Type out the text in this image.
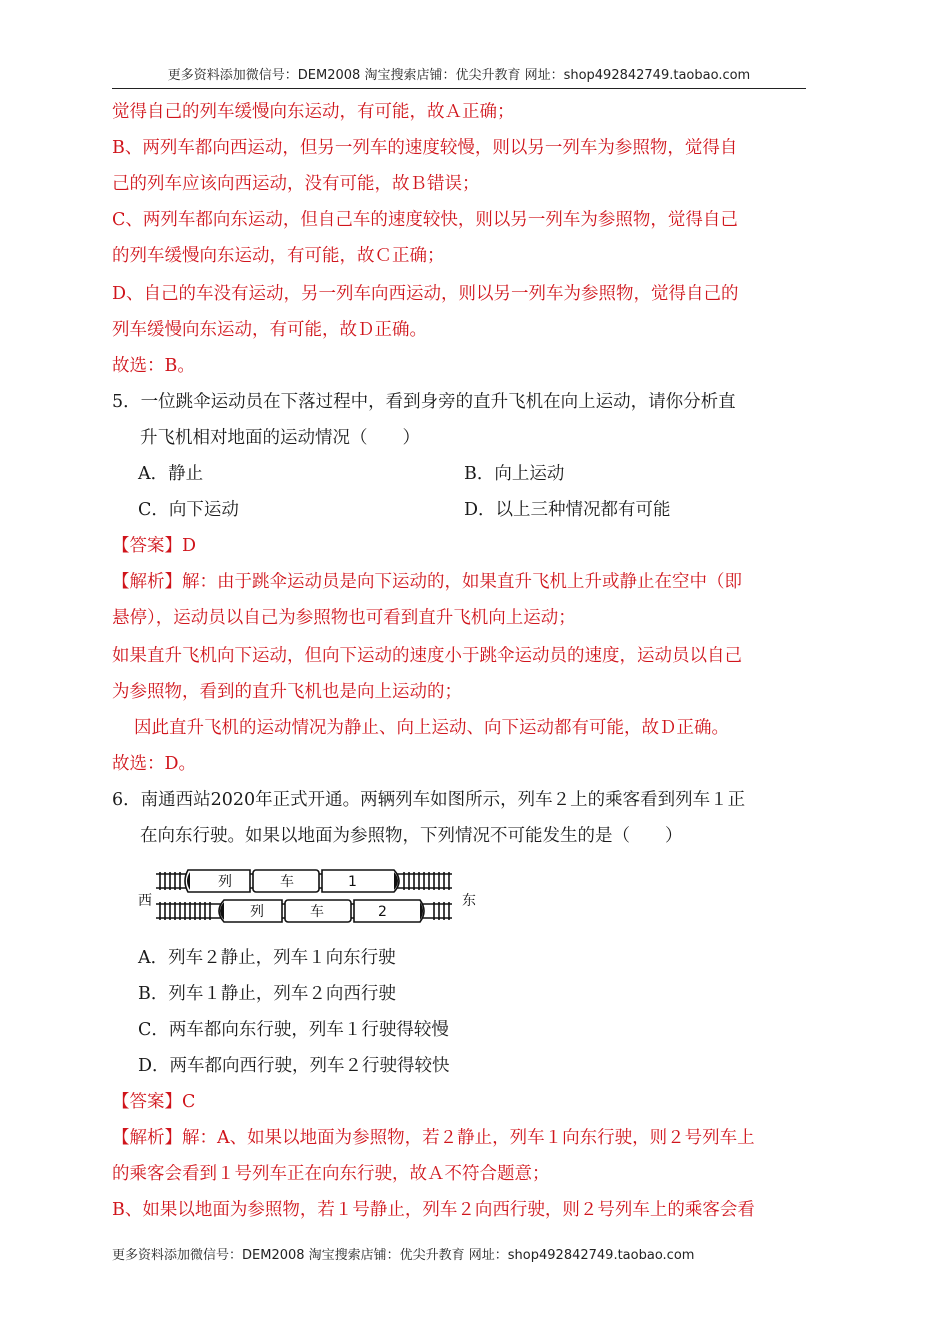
更多资料添加微信号：DEM2008 淘宝搜索店铺：优尖升教育 网址：shop492842749.taobao.com
觉得自己的列车缓慢向东运动，有可能，故Ａ正确；
B、两列车都向西运动，但另一列车的速度较慢，则以另一列车为参照物，觉得自
己的列车应该向西运动，没有可能，故Ｂ错误；
C、两列车都向东运动，但自己车的速度较快，则以另一列车为参照物，觉得自己
的列车缓慢向东运动，有可能，故Ｃ正确；
D、自己的车没有运动，另一列车向西运动，则以另一列车为参照物，觉得自己的
列车缓慢向东运动，有可能，故Ｄ正确。
故选：B。
5．一位跳伞运动员在下落过程中，看到身旁的直升飞机在向上运动，请你分析直
升飞机相对地面的运动情况（　　）
A．静止	B．向上运动
C．向下运动	D．以上三种情况都有可能
【答案】D
【解析】解：由于跳伞运动员是向下运动的，如果直升飞机上升或静止在空中（即
悬停），运动员以自己为参照物也可看到直升飞机向上运动；
如果直升飞机向下运动，但向下运动的速度小于跳伞运动员的速度，运动员以自己
为参照物，看到的直升飞机也是向上运动的；
因此直升飞机的运动情况为静止、向上运动、向下运动都有可能，故Ｄ正确。
故选：D。
6．南通西站2020年正式开通。两辆列车如图所示，列车２上的乘客看到列车１正
在向东行驶。如果以地面为参照物，下列情况不可能发生的是（　　）
西	东
列	车	1
列	车	2
A．列车２静止，列车１向东行驶
B．列车１静止，列车２向西行驶
C．两车都向东行驶，列车１行驶得较慢
D．两车都向西行驶，列车２行驶得较快
【答案】C
【解析】解：A、如果以地面为参照物，若２静止，列车１向东行驶，则２号列车上
的乘客会看到１号列车正在向东行驶，故Ａ不符合题意；
B、如果以地面为参照物，若１号静止，列车２向西行驶，则２号列车上的乘客会看
更多资料添加微信号：DEM2008 淘宝搜索店铺：优尖升教育 网址：shop492842749.taobao.com
